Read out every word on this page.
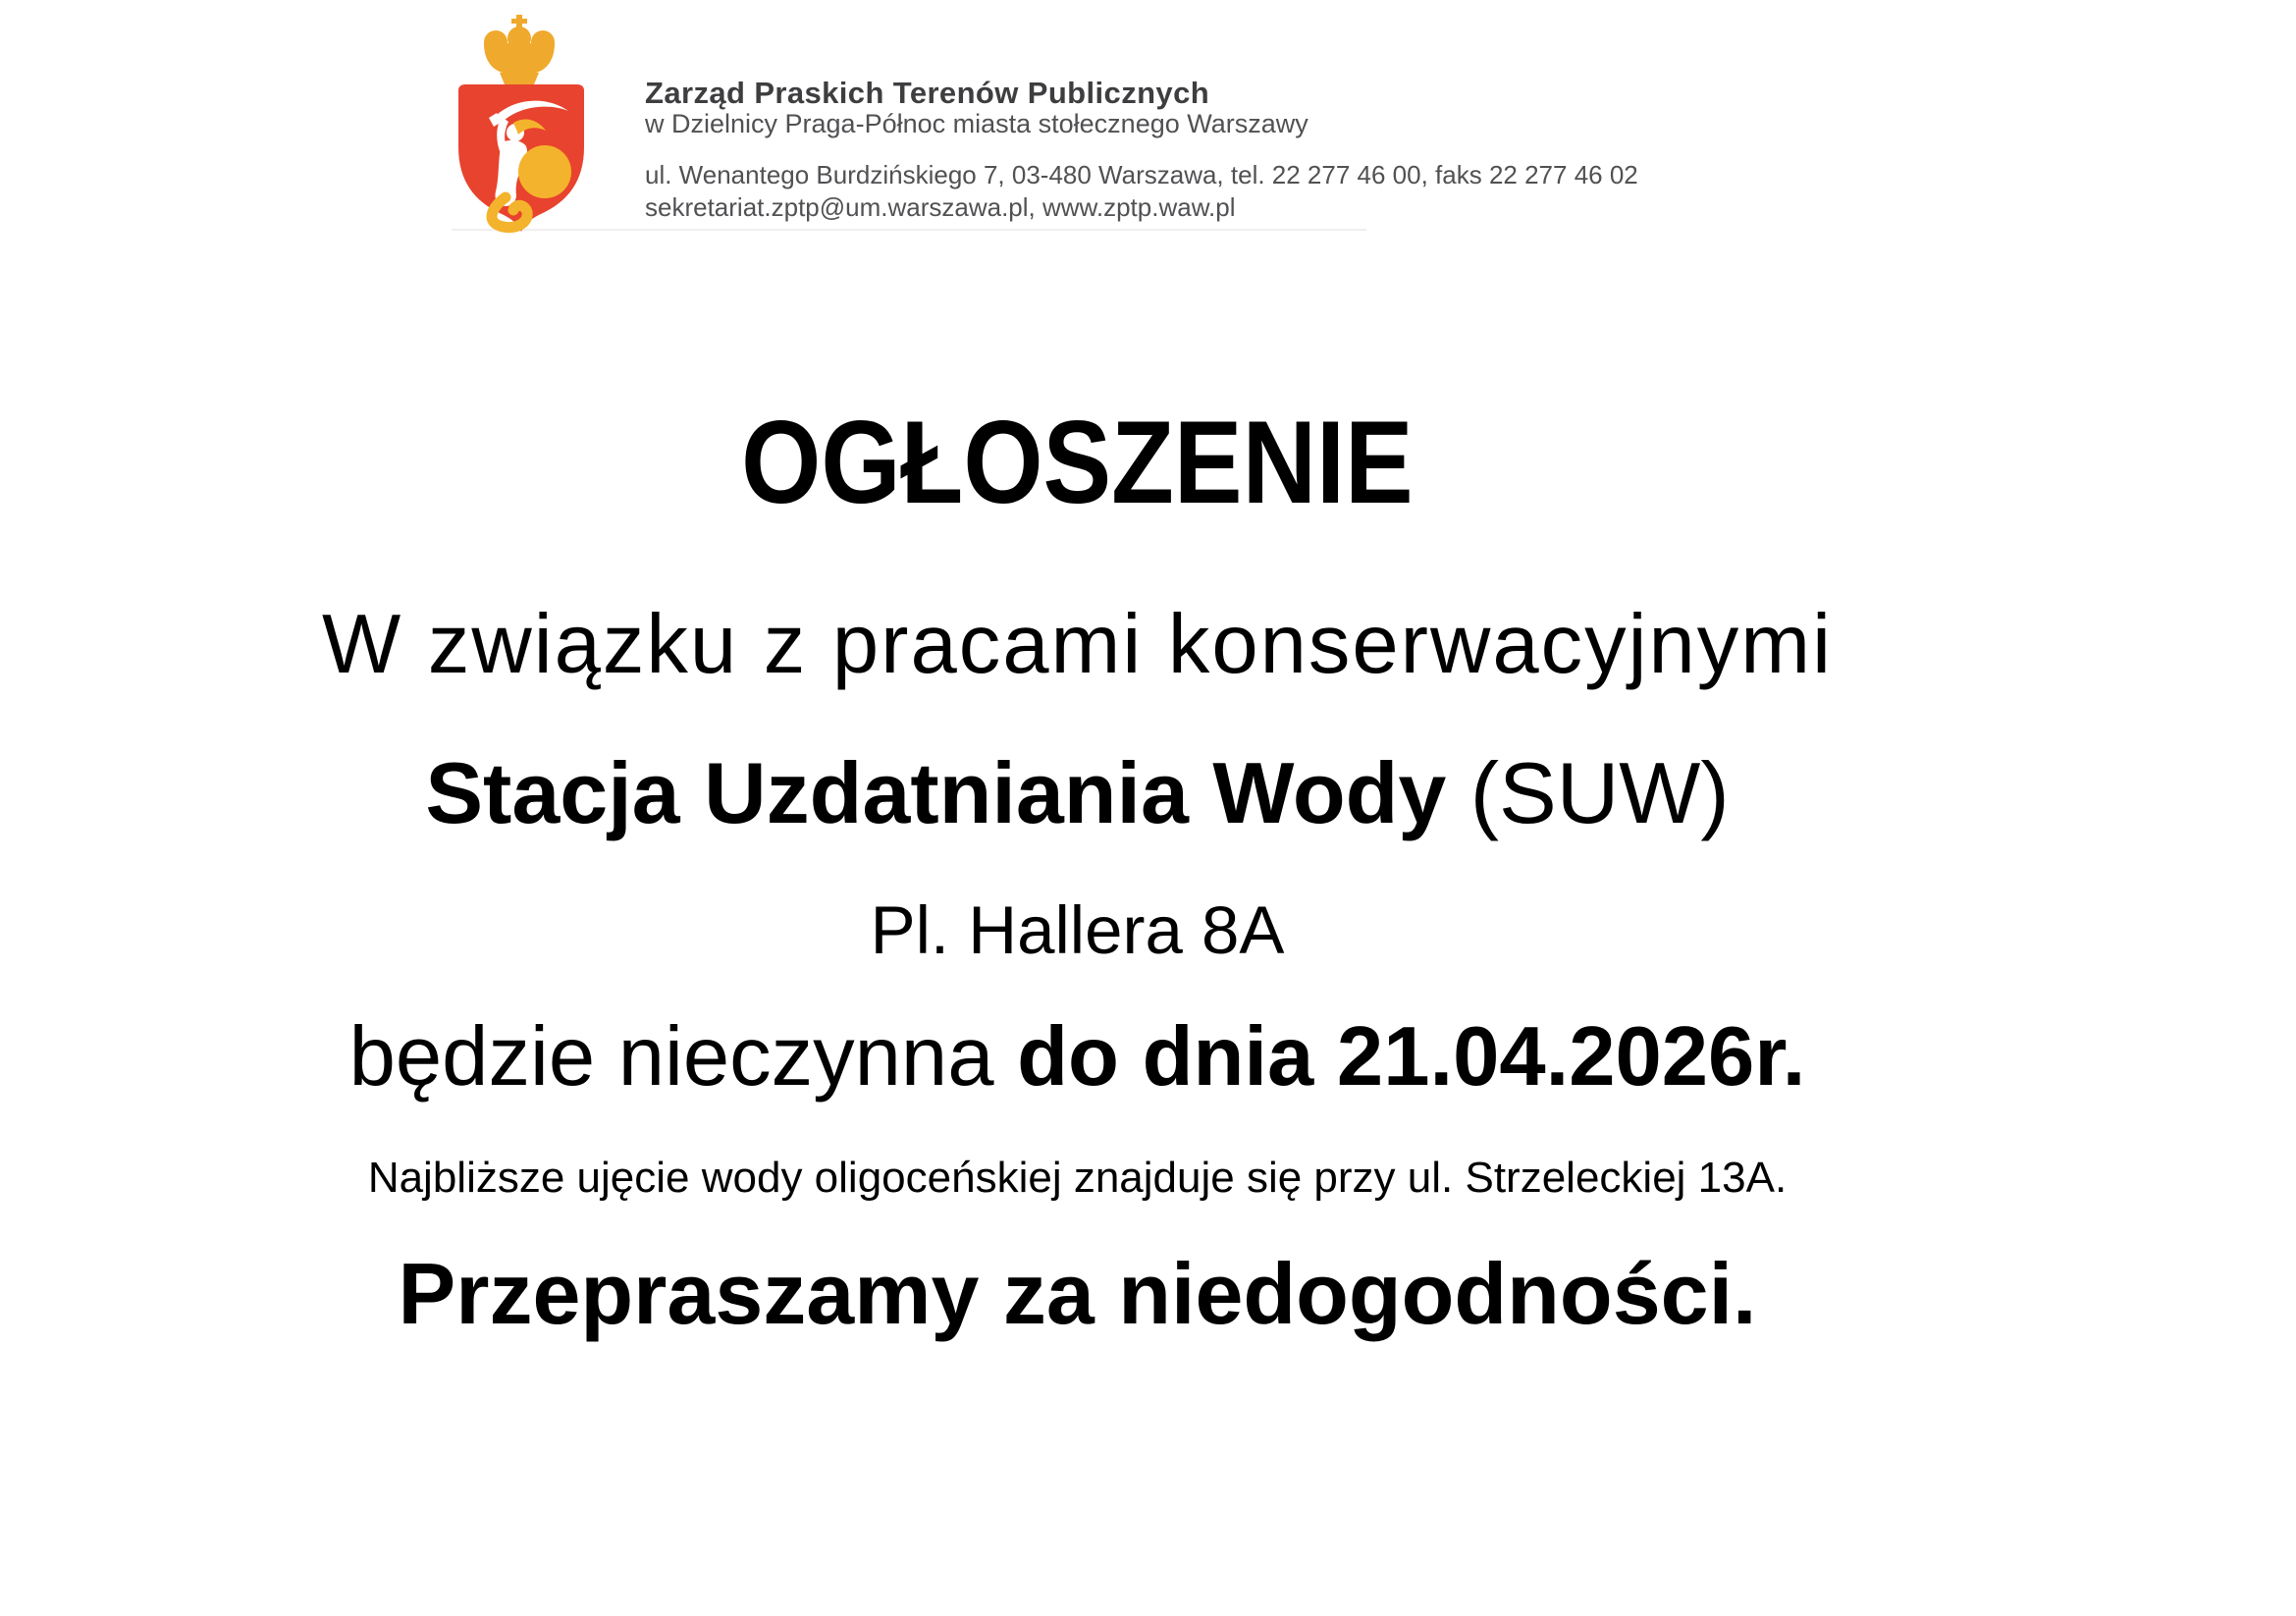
Zarząd Praskich Terenów Publicznych
w Dzielnicy Praga-Północ miasta stołecznego Warszawy
ul. Wenantego Burdzińskiego 7, 03-480 Warszawa, tel. 22 277 46 00, faks 22 277 46 02
sekretariat.zptp@um.warszawa.pl, www.zptp.waw.pl
OGŁOSZENIE
W związku z pracami konserwacyjnymi
Stacja Uzdatniania Wody (SUW)
Pl. Hallera 8A
będzie nieczynna do dnia 21.04.2026r.
Najbliższe ujęcie wody oligoceńskiej znajduje się przy ul. Strzeleckiej 13A.
Przepraszamy za niedogodności.
